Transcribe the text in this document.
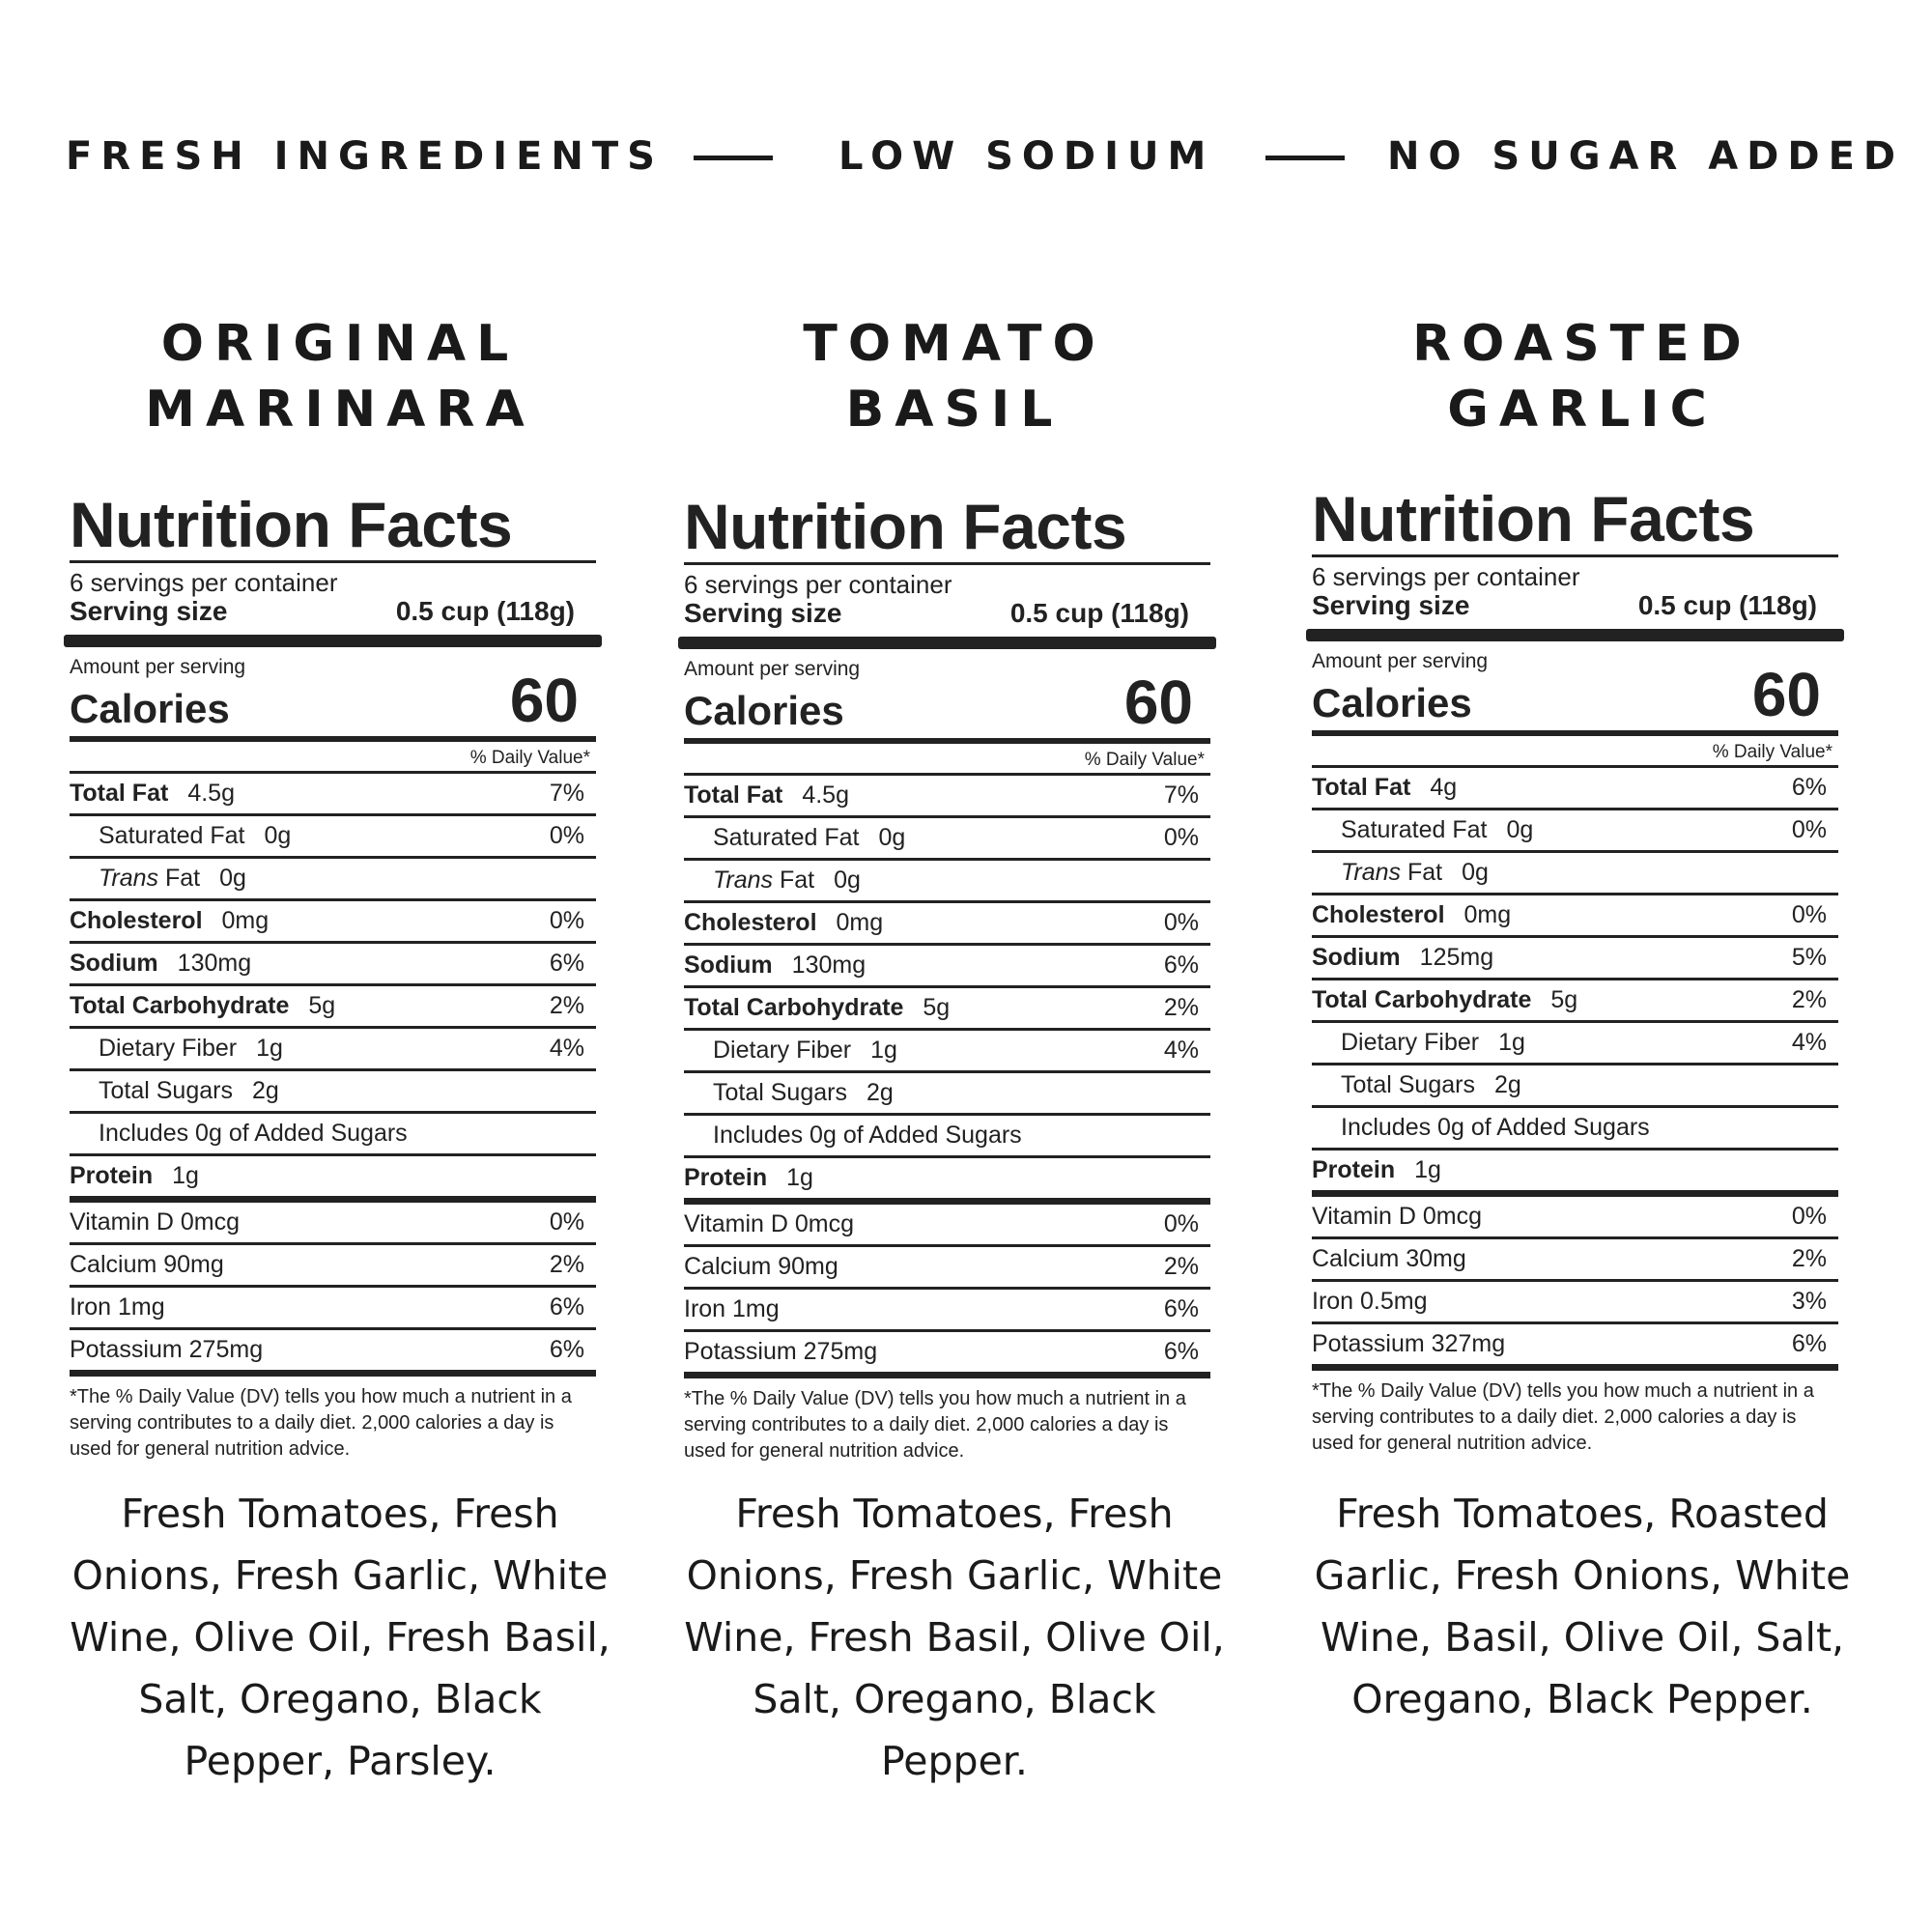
FRESH INGREDIENTS	LOW SODIUM	NO SUGAR ADDED
ORIGINAL
MARINARA
Nutrition Facts
6 servings per container
Serving size	0.5 cup (118g)
Amount per serving
Calories	60
% Daily Value*
Total Fat 4.5g	7%
Saturated Fat 0g	0%
Trans Fat 0g
Cholesterol 0mg	0%
Sodium 130mg	6%
Total Carbohydrate 5g	2%
Dietary Fiber 1g	4%
Total Sugars 2g
Includes 0g of Added Sugars
Protein 1g
Vitamin D 0mcg	0%
Calcium 90mg	2%
Iron 1mg	6%
Potassium 275mg	6%
*The % Daily Value (DV) tells you how much a nutrient in a serving contributes to a daily diet. 2,000 calories a day is used for general nutrition advice.
Fresh Tomatoes, Fresh Onions, Fresh Garlic, White Wine, Olive Oil, Fresh Basil, Salt, Oregano, Black Pepper, Parsley.
TOMATO
BASIL
Nutrition Facts
6 servings per container
Serving size	0.5 cup (118g)
Amount per serving
Calories	60
% Daily Value*
Total Fat 4.5g	7%
Saturated Fat 0g	0%
Trans Fat 0g
Cholesterol 0mg	0%
Sodium 130mg	6%
Total Carbohydrate 5g	2%
Dietary Fiber 1g	4%
Total Sugars 2g
Includes 0g of Added Sugars
Protein 1g
Vitamin D 0mcg	0%
Calcium 90mg	2%
Iron 1mg	6%
Potassium 275mg	6%
*The % Daily Value (DV) tells you how much a nutrient in a serving contributes to a daily diet. 2,000 calories a day is used for general nutrition advice.
Fresh Tomatoes, Fresh Onions, Fresh Garlic, White Wine, Fresh Basil, Olive Oil, Salt, Oregano, Black Pepper.
ROASTED
GARLIC
Nutrition Facts
6 servings per container
Serving size	0.5 cup (118g)
Amount per serving
Calories	60
% Daily Value*
Total Fat 4g	6%
Saturated Fat 0g	0%
Trans Fat 0g
Cholesterol 0mg	0%
Sodium 125mg	5%
Total Carbohydrate 5g	2%
Dietary Fiber 1g	4%
Total Sugars 2g
Includes 0g of Added Sugars
Protein 1g
Vitamin D 0mcg	0%
Calcium 30mg	2%
Iron 0.5mg	3%
Potassium 327mg	6%
*The % Daily Value (DV) tells you how much a nutrient in a serving contributes to a daily diet. 2,000 calories a day is used for general nutrition advice.
Fresh Tomatoes, Roasted Garlic, Fresh Onions, White Wine, Basil, Olive Oil, Salt, Oregano, Black Pepper.
